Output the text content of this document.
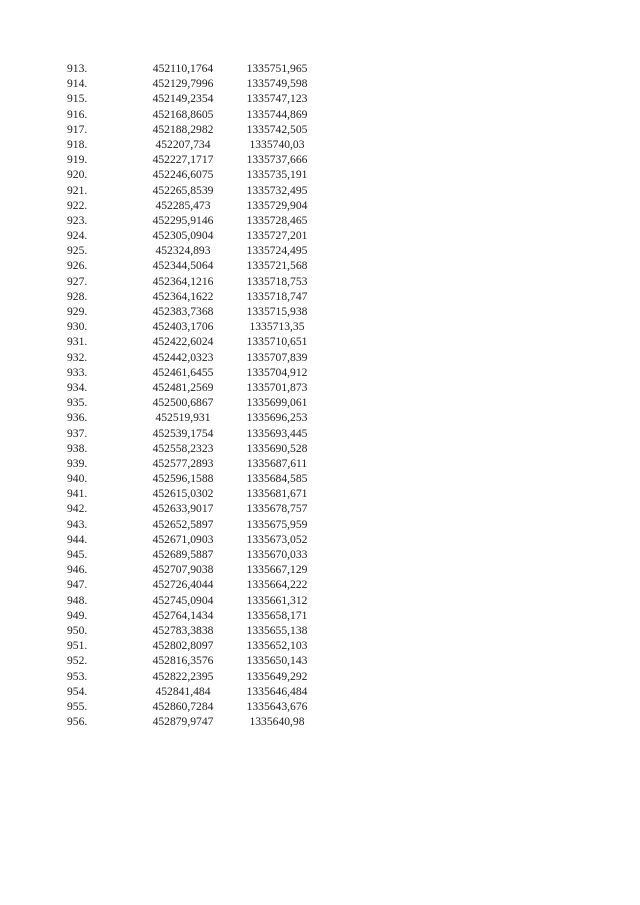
913.	452110,1764	1335751,965
914.	452129,7996	1335749,598
915.	452149,2354	1335747,123
916.	452168,8605	1335744,869
917.	452188,2982	1335742,505
918.	452207,734	1335740,03
919.	452227,1717	1335737,666
920.	452246,6075	1335735,191
921.	452265,8539	1335732,495
922.	452285,473	1335729,904
923.	452295,9146	1335728,465
924.	452305,0904	1335727,201
925.	452324,893	1335724,495
926.	452344,5064	1335721,568
927.	452364,1216	1335718,753
928.	452364,1622	1335718,747
929.	452383,7368	1335715,938
930.	452403,1706	1335713,35
931.	452422,6024	1335710,651
932.	452442,0323	1335707,839
933.	452461,6455	1335704,912
934.	452481,2569	1335701,873
935.	452500,6867	1335699,061
936.	452519,931	1335696,253
937.	452539,1754	1335693,445
938.	452558,2323	1335690,528
939.	452577,2893	1335687,611
940.	452596,1588	1335684,585
941.	452615,0302	1335681,671
942.	452633,9017	1335678,757
943.	452652,5897	1335675,959
944.	452671,0903	1335673,052
945.	452689,5887	1335670,033
946.	452707,9038	1335667,129
947.	452726,4044	1335664,222
948.	452745,0904	1335661,312
949.	452764,1434	1335658,171
950.	452783,3838	1335655,138
951.	452802,8097	1335652,103
952.	452816,3576	1335650,143
953.	452822,2395	1335649,292
954.	452841,484	1335646,484
955.	452860,7284	1335643,676
956.	452879,9747	1335640,98
